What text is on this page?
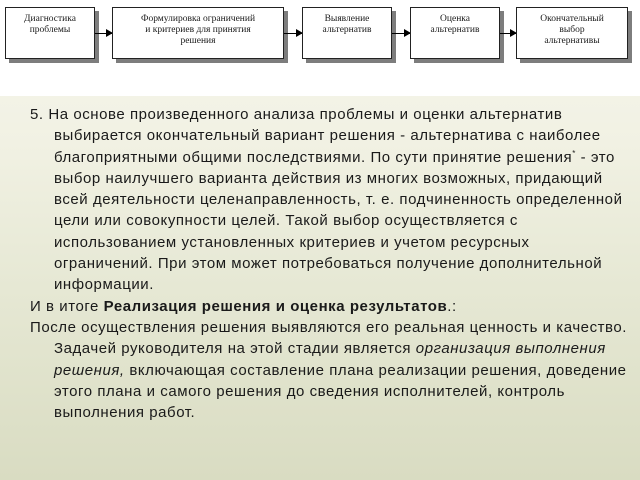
Диагностика
проблемы
Формулировка ограничений
и критериев для принятия
решения
Выявление
альтернатив
Оценка
альтернатив
Окончательный
выбор
альтернативы

5. На основе произведенного анализа проблемы и оценки альтернатив выбирается окончательный вариант решения - альтернатива с наиболее благоприятными общими последствиями. По сути принятие решения* - это выбор наилучшего варианта действия из многих возможных, придающий всей деятельности целенаправленность, т. е. подчиненность определенной цели или совокупности целей. Такой выбор осуществляется с использованием установленных критериев и учетом ресурсных ограничений. При этом может потребоваться получение дополнительной информации.

И в итоге Реализация решения и оценка результатов.:

После осуществления решения выявляются его реальная ценность и качество. Задачей руководителя на этой стадии является организация выполнения решения, включающая составление плана реализации решения, доведение этого плана и самого решения до сведения исполнителей, контроль выполнения работ.
